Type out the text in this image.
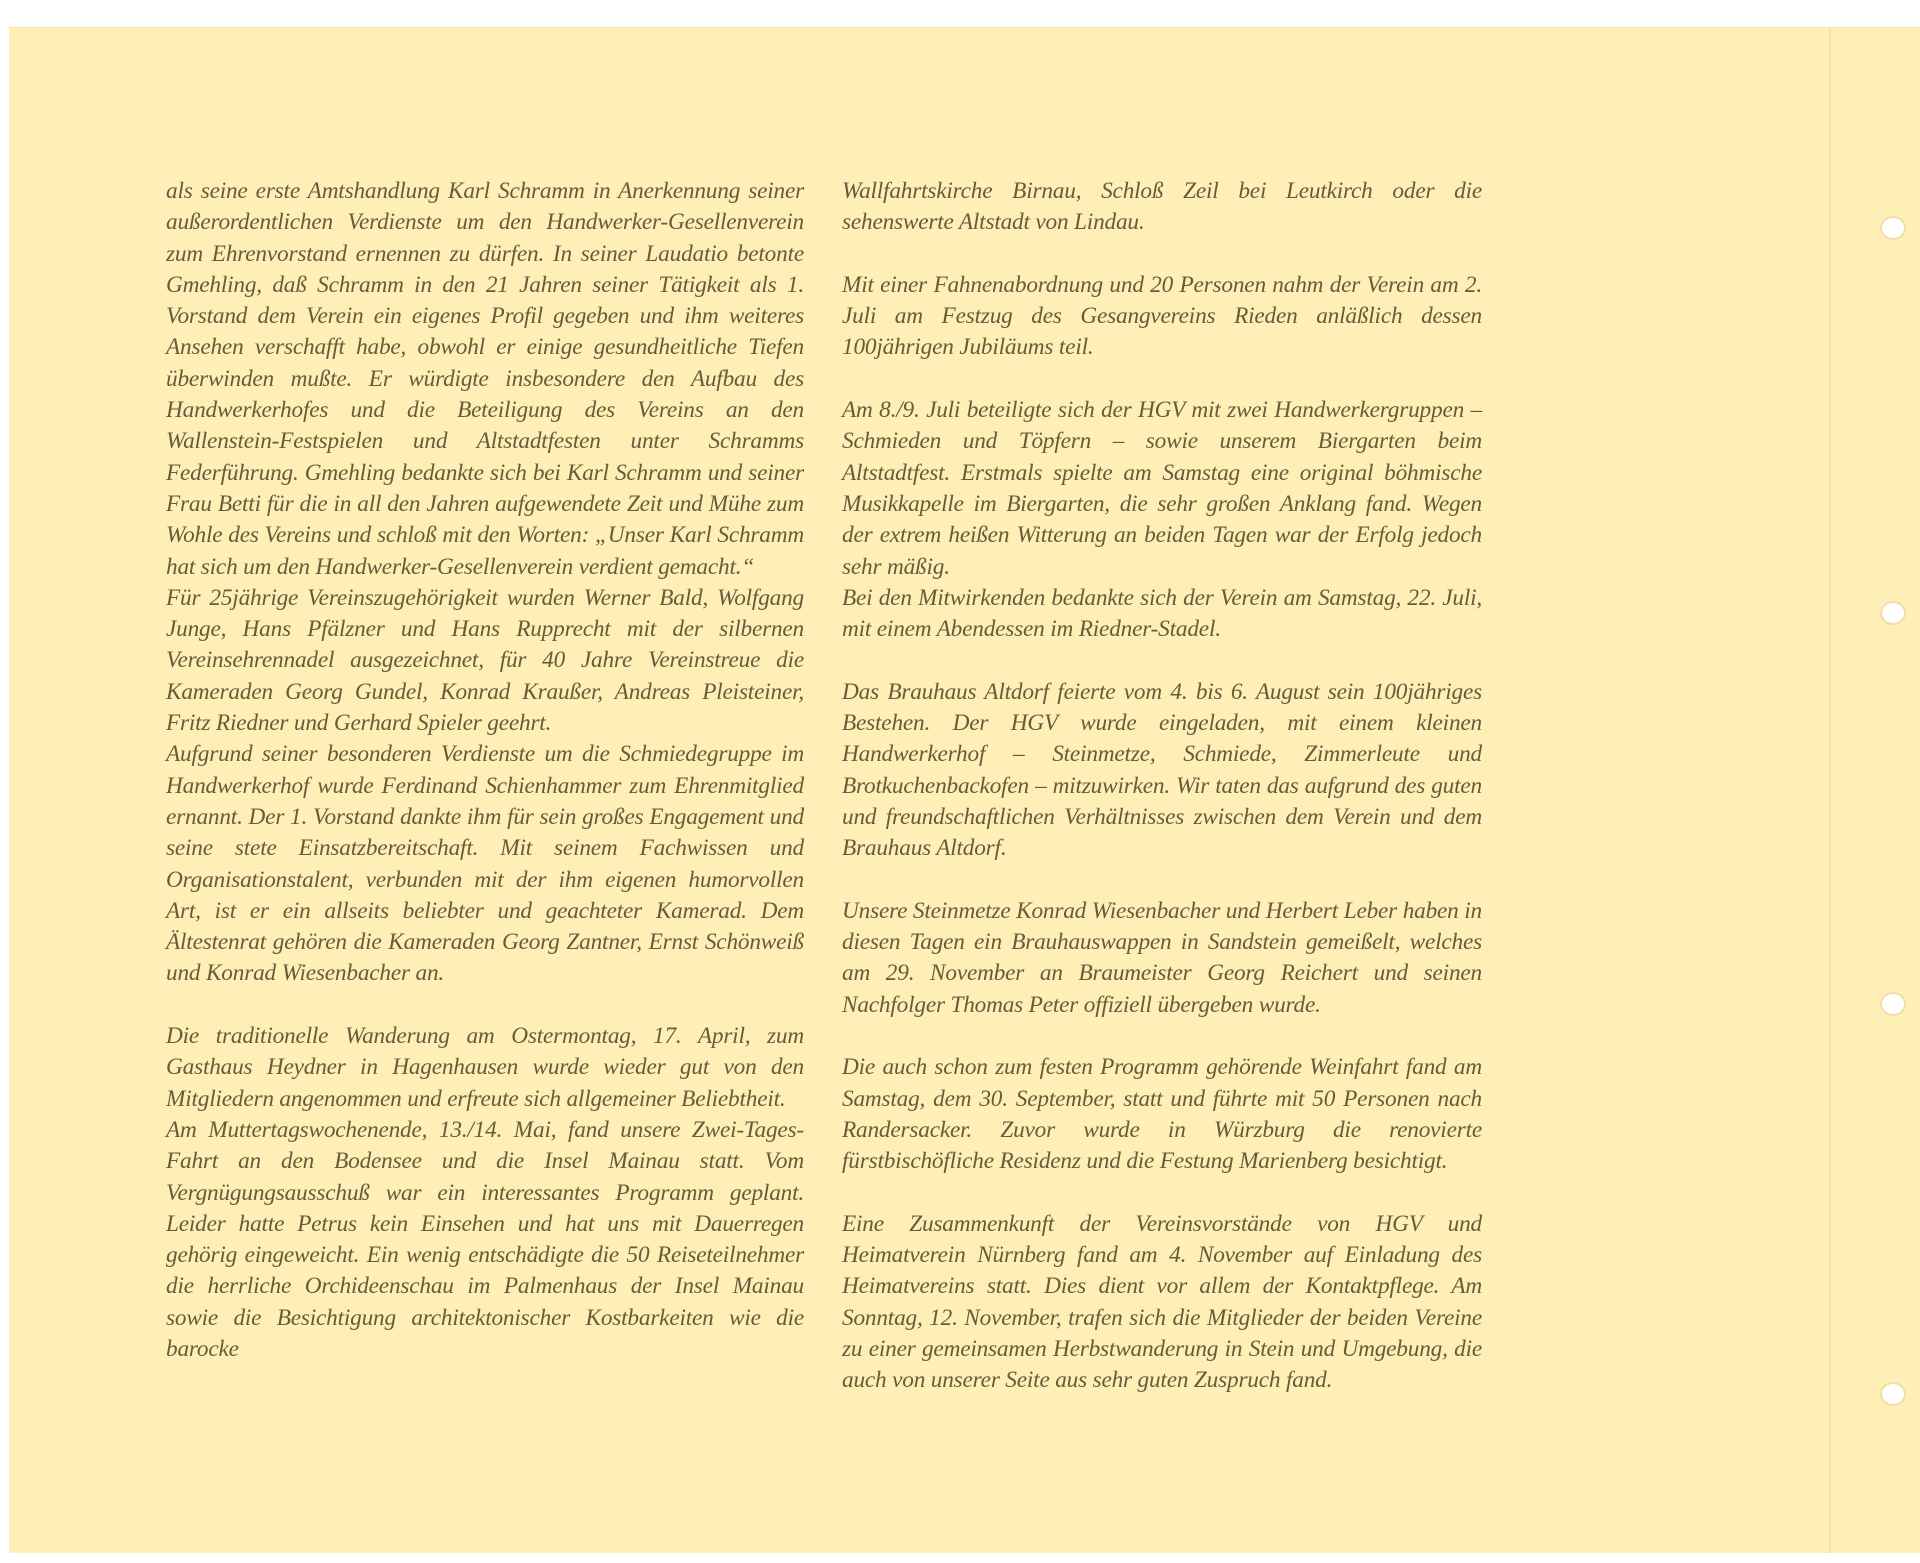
als seine erste Amtshandlung Karl Schramm in Anerkennung seiner außerordentlichen Verdienste um den Handwerker-Gesellenverein zum Ehrenvorstand ernennen zu dürfen. In seiner Laudatio betonte Gmehling, daß Schramm in den 21 Jahren seiner Tätigkeit als 1. Vorstand dem Verein ein eigenes Profil gegeben und ihm weiteres Ansehen verschafft habe, obwohl er einige gesundheitliche Tiefen überwinden mußte. Er würdigte insbesondere den Aufbau des Handwerkerhofes und die Beteiligung des Vereins an den Wallenstein-Festspielen und Altstadtfesten unter Schramms Federführung. Gmehling bedankte sich bei Karl Schramm und seiner Frau Betti für die in all den Jahren aufgewendete Zeit und Mühe zum Wohle des Vereins und schloß mit den Worten: „Unser Karl Schramm hat sich um den Handwerker-Gesellenverein verdient gemacht.“

Für 25jährige Vereinszugehörigkeit wurden Werner Bald, Wolfgang Junge, Hans Pfälzner und Hans Rupprecht mit der silbernen Vereinsehrennadel ausgezeichnet, für 40 Jahre Vereinstreue die Kameraden Georg Gundel, Konrad Kraußer, Andreas Pleisteiner, Fritz Riedner und Gerhard Spieler geehrt.

Aufgrund seiner besonderen Verdienste um die Schmiedegruppe im Handwerkerhof wurde Ferdinand Schienhammer zum Ehrenmitglied ernannt. Der 1. Vorstand dankte ihm für sein großes Engagement und seine stete Einsatzbereitschaft. Mit seinem Fachwissen und Organisationstalent, verbunden mit der ihm eigenen humorvollen Art, ist er ein allseits beliebter und geachteter Kamerad. Dem Ältestenrat gehören die Kameraden Georg Zantner, Ernst Schönweiß und Konrad Wiesenbacher an.

Die traditionelle Wanderung am Ostermontag, 17. April, zum Gasthaus Heydner in Hagenhausen wurde wieder gut von den Mitgliedern angenommen und erfreute sich allgemeiner Beliebtheit.

Am Muttertagswochenende, 13./14. Mai, fand unsere Zwei-Tages-Fahrt an den Bodensee und die Insel Mainau statt. Vom Vergnügungsausschuß war ein interessantes Programm geplant. Leider hatte Petrus kein Einsehen und hat uns mit Dauerregen gehörig eingeweicht. Ein wenig entschädigte die 50 Reiseteilnehmer die herrliche Orchideenschau im Palmenhaus der Insel Mainau sowie die Besichtigung architektonischer Kostbarkeiten wie die barocke

Wallfahrtskirche Birnau, Schloß Zeil bei Leutkirch oder die sehenswerte Altstadt von Lindau.

Mit einer Fahnenabordnung und 20 Personen nahm der Verein am 2. Juli am Festzug des Gesangvereins Rieden anläßlich dessen 100jährigen Jubiläums teil.

Am 8./9. Juli beteiligte sich der HGV mit zwei Handwerkergruppen – Schmieden und Töpfern – sowie unserem Biergarten beim Altstadtfest. Erstmals spielte am Samstag eine original böhmische Musikkapelle im Biergarten, die sehr großen Anklang fand. Wegen der extrem heißen Witterung an beiden Tagen war der Erfolg jedoch sehr mäßig.

Bei den Mitwirkenden bedankte sich der Verein am Samstag, 22. Juli, mit einem Abendessen im Riedner-Stadel.

Das Brauhaus Altdorf feierte vom 4. bis 6. August sein 100jähriges Bestehen. Der HGV wurde eingeladen, mit einem kleinen Handwerkerhof – Steinmetze, Schmiede, Zimmerleute und Brotkuchenbackofen – mitzuwirken. Wir taten das aufgrund des guten und freundschaftlichen Verhältnisses zwischen dem Verein und dem Brauhaus Altdorf.

Unsere Steinmetze Konrad Wiesenbacher und Herbert Leber haben in diesen Tagen ein Brauhauswappen in Sandstein gemeißelt, welches am 29. November an Braumeister Georg Reichert und seinen Nachfolger Thomas Peter offiziell übergeben wurde.

Die auch schon zum festen Programm gehörende Weinfahrt fand am Samstag, dem 30. September, statt und führte mit 50 Personen nach Randersacker. Zuvor wurde in Würzburg die renovierte fürstbischöfliche Residenz und die Festung Marienberg besichtigt.

Eine Zusammenkunft der Vereinsvorstände von HGV und Heimatverein Nürnberg fand am 4. November auf Einladung des Heimatvereins statt. Dies dient vor allem der Kontaktpflege. Am Sonntag, 12. November, trafen sich die Mitglieder der beiden Vereine zu einer gemeinsamen Herbstwanderung in Stein und Umgebung, die auch von unserer Seite aus sehr guten Zuspruch fand.
